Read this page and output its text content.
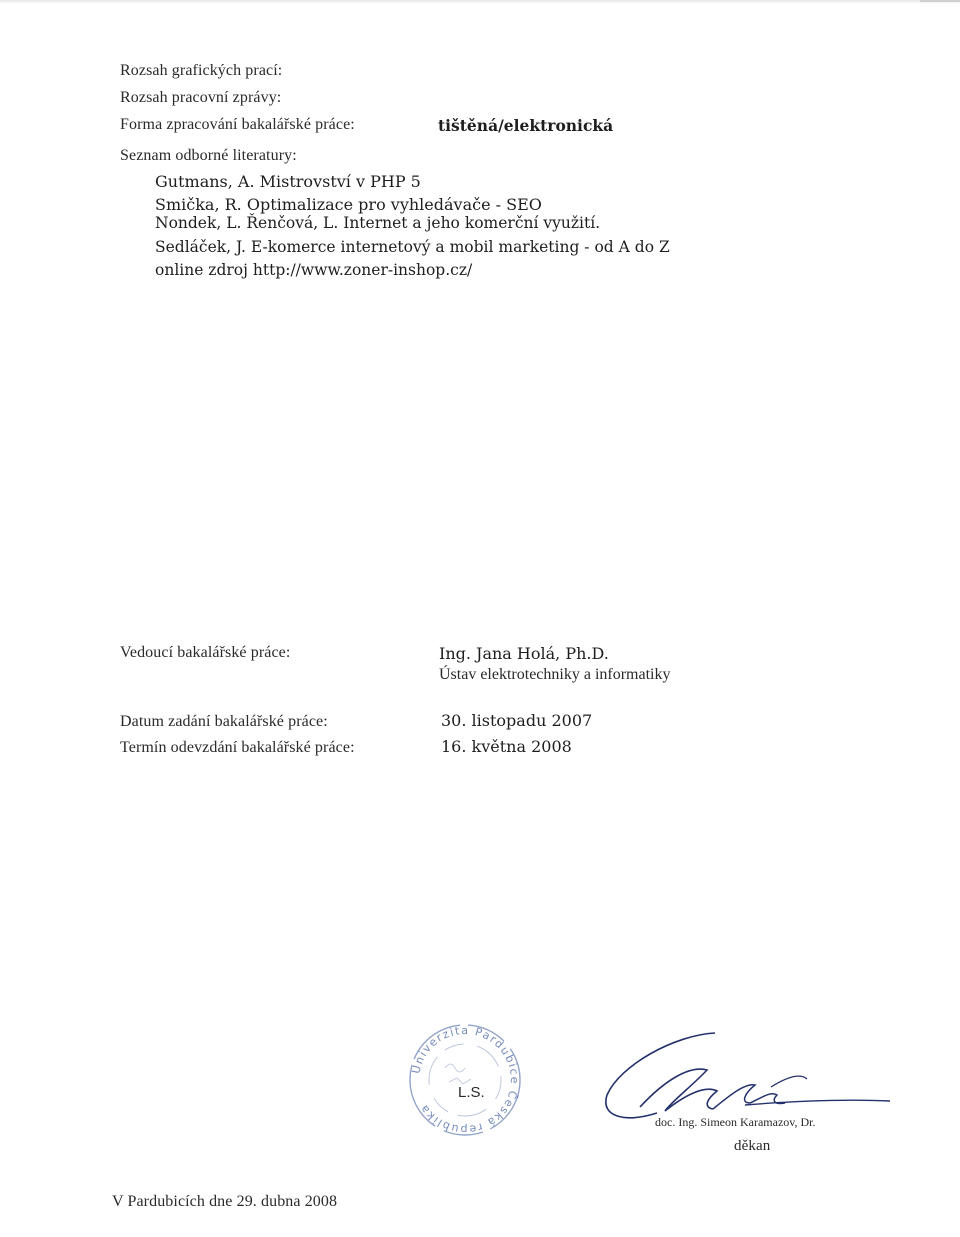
Rozsah grafických prací:
Rozsah pracovní zprávy:
Forma zpracování bakalářské práce:	tištěná/elektronická
Seznam odborné literatury:
Gutmans, A. Mistrovství v PHP 5
Smička, R. Optimalizace pro vyhledávače - SEO
Nondek, L. Řenčová, L. Internet a jeho komerční využití.
Sedláček, J. E-komerce internetový a mobil marketing - od A do Z
online zdroj http://www.zoner-inshop.cz/
Vedoucí bakalářské práce:	Ing. Jana Holá, Ph.D.
Ústav elektrotechniky a informatiky
Datum zadání bakalářské práce:	30. listopadu 2007
Termín odevzdání bakalářské práce:	16. května 2008
Univerzita Pardubice Česká republika
L.S.
doc. Ing. Simeon Karamazov, Dr.
děkan
V Pardubicích dne 29. dubna 2008
